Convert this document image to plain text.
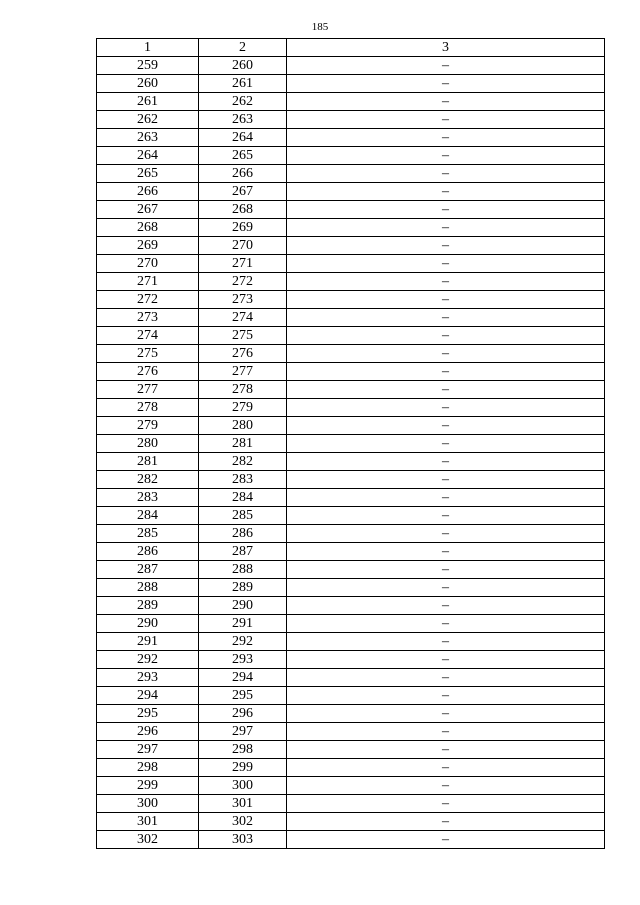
185
1	2	3
259	260	–
260	261	–
261	262	–
262	263	–
263	264	–
264	265	–
265	266	–
266	267	–
267	268	–
268	269	–
269	270	–
270	271	–
271	272	–
272	273	–
273	274	–
274	275	–
275	276	–
276	277	–
277	278	–
278	279	–
279	280	–
280	281	–
281	282	–
282	283	–
283	284	–
284	285	–
285	286	–
286	287	–
287	288	–
288	289	–
289	290	–
290	291	–
291	292	–
292	293	–
293	294	–
294	295	–
295	296	–
296	297	–
297	298	–
298	299	–
299	300	–
300	301	–
301	302	–
302	303	–
